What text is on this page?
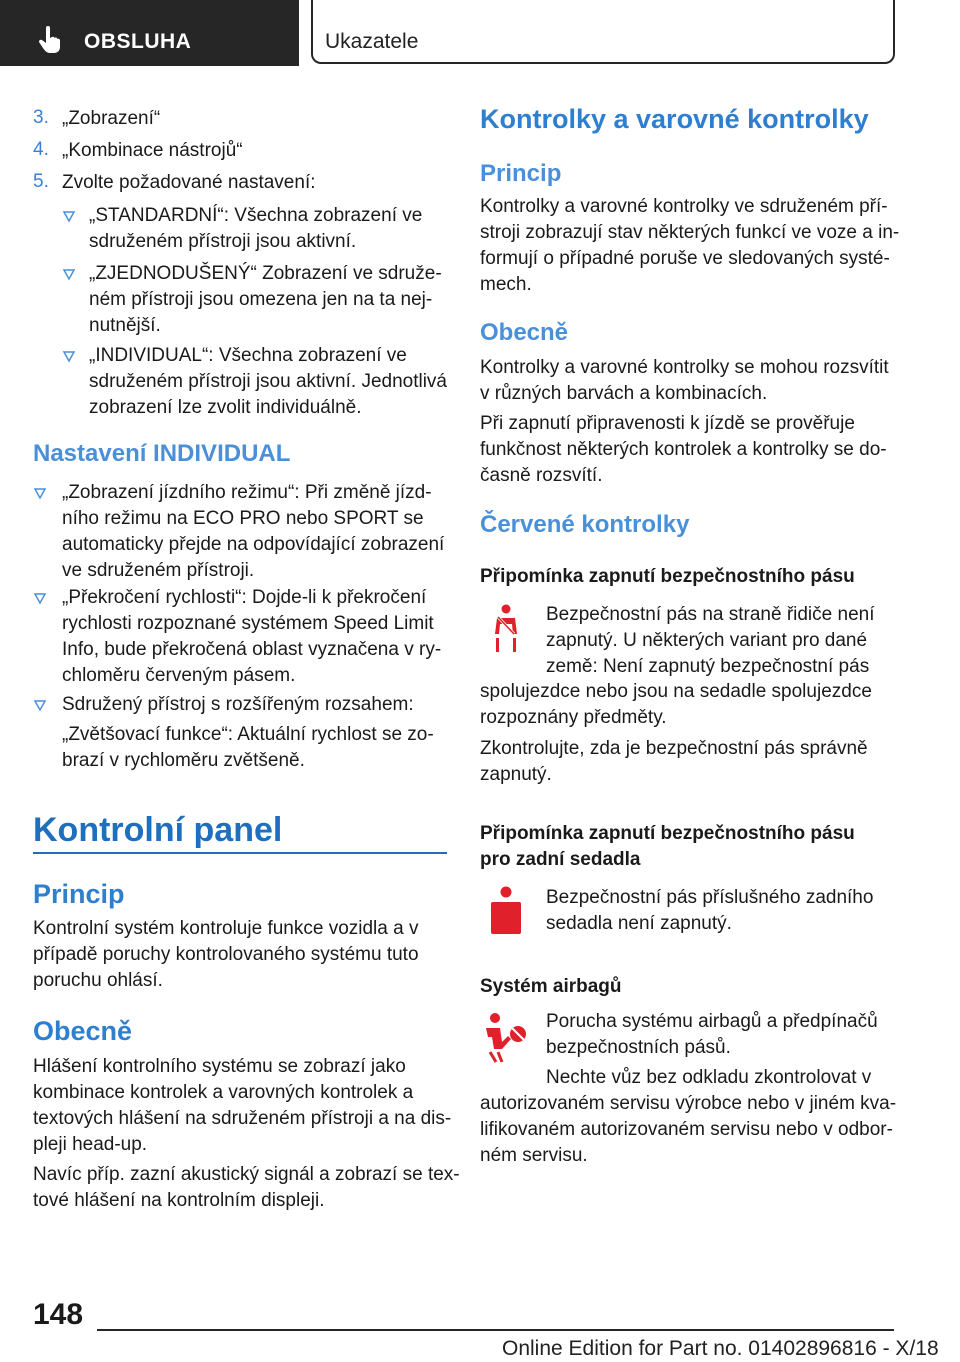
OBSLUHA	Ukazatele
3. „Zobrazení“
4. „Kombinace nástrojů“
5. Zvolte požadované nastavení:
„STANDARDNÍ“: Všechna zobrazení ve
sdruženém přístroji jsou aktivní.
„ZJEDNODUŠENÝ“ Zobrazení ve sdruže-
ném přístroji jsou omezena jen na ta nej-
nutnější.
„INDIVIDUAL“: Všechna zobrazení ve
sdruženém přístroji jsou aktivní. Jednotlivá
zobrazení lze zvolit individuálně.
Nastavení INDIVIDUAL
„Zobrazení jízdního režimu“: Při změně jízd-
ního režimu na ECO PRO nebo SPORT se
automaticky přejde na odpovídající zobrazení
ve sdruženém přístroji.
„Překročení rychlosti“: Dojde-li k překročení
rychlosti rozpoznané systémem Speed Limit
Info, bude překročená oblast vyznačena v ry-
chloměru červeným pásem.
Sdružený přístroj s rozšířeným rozsahem:
„Zvětšovací funkce“: Aktuální rychlost se zo-
brazí v rychloměru zvětšeně.
Kontrolní panel
Princip
Kontrolní systém kontroluje funkce vozidla a v
případě poruchy kontrolovaného systému tuto
poruchu ohlásí.
Obecně
Hlášení kontrolního systému se zobrazí jako
kombinace kontrolek a varovných kontrolek a
textových hlášení na sdruženém přístroji a na dis-
pleji head-up.
Navíc příp. zazní akustický signál a zobrazí se tex-
tové hlášení na kontrolním displeji.
Kontrolky a varovné kontrolky
Princip
Kontrolky a varovné kontrolky ve sdruženém pří-
stroji zobrazují stav některých funkcí ve voze a in-
formují o případné poruše ve sledovaných systé-
mech.
Obecně
Kontrolky a varovné kontrolky se mohou rozsvítit
v různých barvách a kombinacích.
Při zapnutí připravenosti k jízdě se prověřuje
funkčnost některých kontrolek a kontrolky se do-
časně rozsvítí.
Červené kontrolky
Připomínka zapnutí bezpečnostního pásu
Bezpečnostní pás na straně řidiče není
zapnutý. U některých variant pro dané
země: Není zapnutý bezpečnostní pás
spolujezdce nebo jsou na sedadle spolujezdce
rozpoznány předměty.
Zkontrolujte, zda je bezpečnostní pás správně
zapnutý.
Připomínka zapnutí bezpečnostního pásu
pro zadní sedadla
Bezpečnostní pás příslušného zadního
sedadla není zapnutý.
Systém airbagů
Porucha systému airbagů a předpínačů
bezpečnostních pásů.
Nechte vůz bez odkladu zkontrolovat v
autorizovaném servisu výrobce nebo v jiném kva-
lifikovaném autorizovaném servisu nebo v odbor-
ném servisu.
148
Online Edition for Part no. 01402896816 - X/18
